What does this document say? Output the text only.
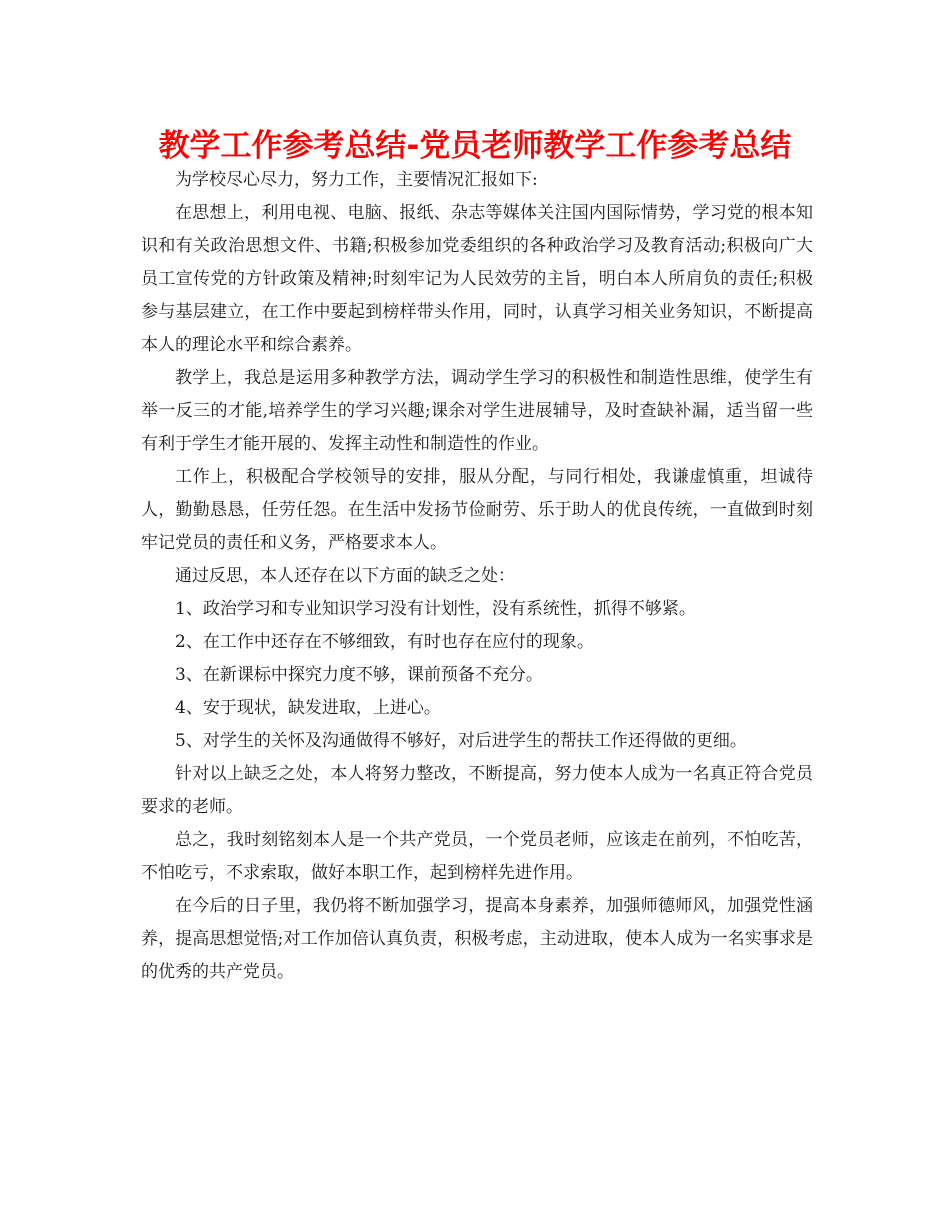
教学工作参考总结-党员老师教学工作参考总结

为学校尽心尽力，努力工作，主要情况汇报如下:

在思想上，利用电视、电脑、报纸、杂志等媒体关注国内国际情势，学习党的根本知识和有关政治思想文件、书籍;积极参加党委组织的各种政治学习及教育活动;积极向广大员工宣传党的方针政策及精神;时刻牢记为人民效劳的主旨，明白本人所肩负的责任;积极参与基层建立，在工作中要起到榜样带头作用，同时，认真学习相关业务知识，不断提高本人的理论水平和综合素养。

教学上，我总是运用多种教学方法，调动学生学习的积极性和制造性思维，使学生有举一反三的才能,培养学生的学习兴趣;课余对学生进展辅导，及时查缺补漏，适当留一些有利于学生才能开展的、发挥主动性和制造性的作业。

工作上，积极配合学校领导的安排，服从分配，与同行相处，我谦虚慎重，坦诚待人，勤勤恳恳，任劳任怨。在生活中发扬节俭耐劳、乐于助人的优良传统，一直做到时刻牢记党员的责任和义务，严格要求本人。

通过反思，本人还存在以下方面的缺乏之处：

1、政治学习和专业知识学习没有计划性，没有系统性，抓得不够紧。

2、在工作中还存在不够细致，有时也存在应付的现象。

3、在新课标中探究力度不够，课前预备不充分。

4、安于现状，缺发进取，上进心。

5、对学生的关怀及沟通做得不够好，对后进学生的帮扶工作还得做的更细。

针对以上缺乏之处，本人将努力整改，不断提高，努力使本人成为一名真正符合党员要求的老师。

总之，我时刻铭刻本人是一个共产党员，一个党员老师，应该走在前列，不怕吃苦，不怕吃亏，不求索取，做好本职工作，起到榜样先进作用。

在今后的日子里，我仍将不断加强学习，提高本身素养，加强师德师风，加强党性涵养，提高思想觉悟;对工作加倍认真负责，积极考虑，主动进取，使本人成为一名实事求是的优秀的共产党员。
